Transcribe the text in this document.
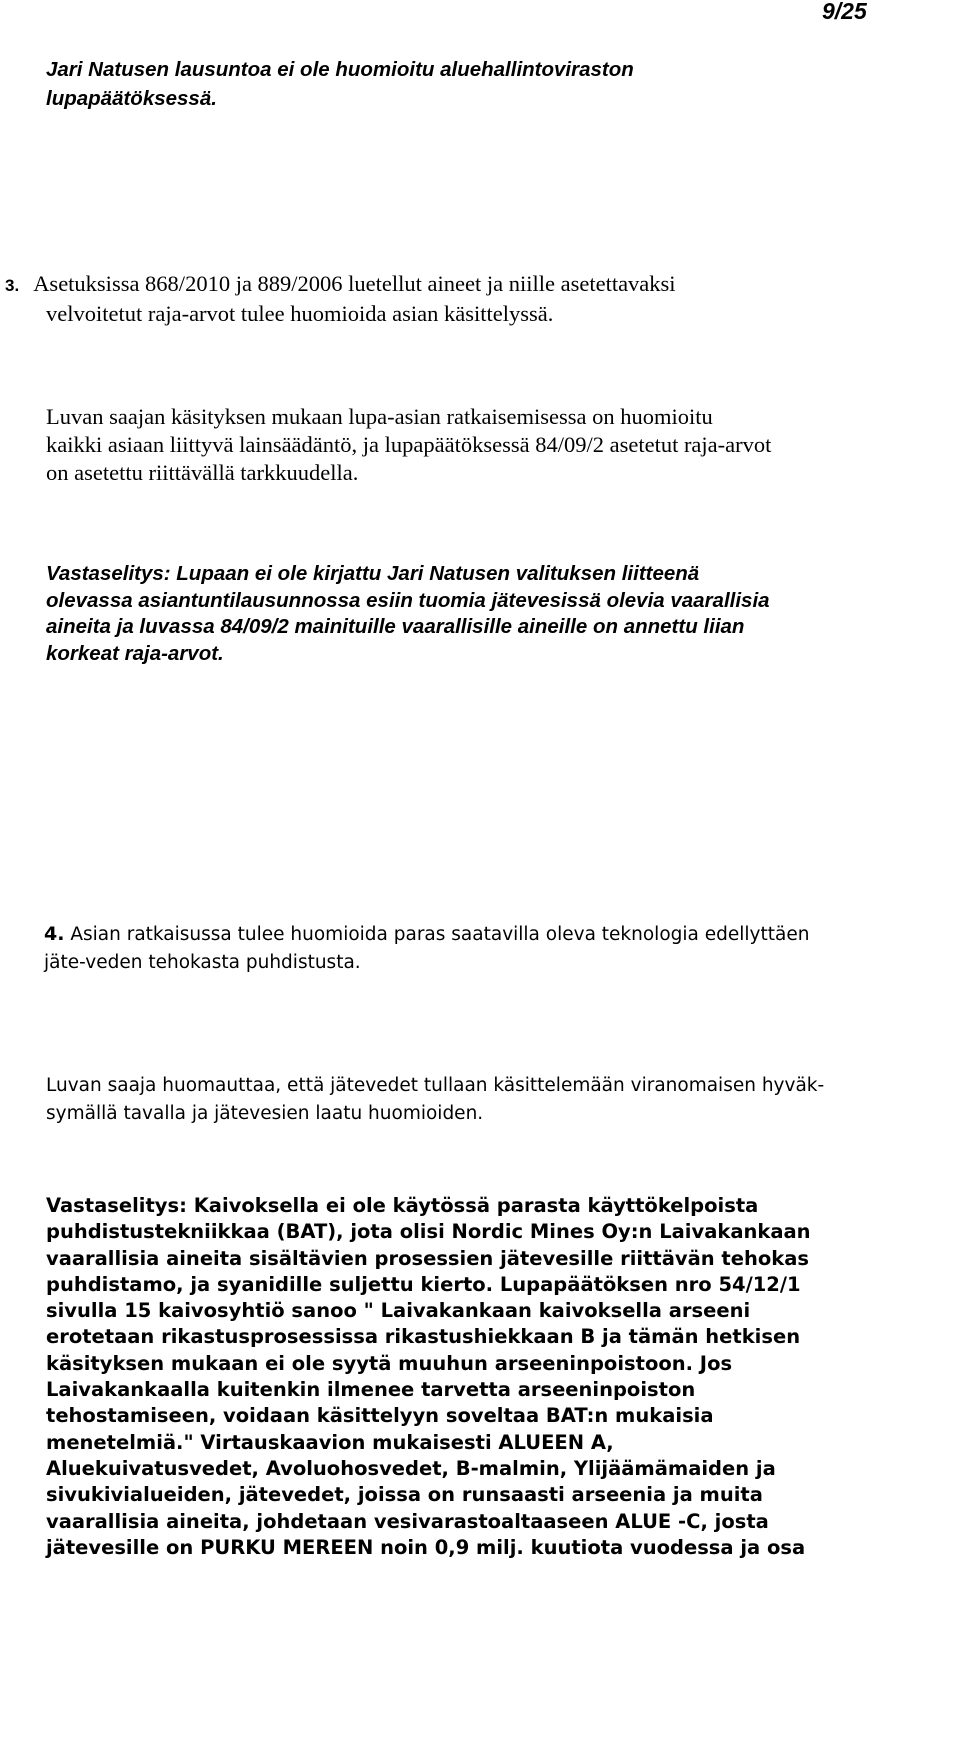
9/25
Jari Natusen lausuntoa ei ole huomioitu aluehallintoviraston
lupapäätöksessä.
3. Asetuksissa 868/2010 ja 889/2006 luetellut aineet ja niille asetettavaksi
velvoitetut raja-arvot tulee huomioida asian käsittelyssä.
Luvan saajan käsityksen mukaan lupa-asian ratkaisemisessa on huomioitu
kaikki asiaan liittyvä lainsäädäntö, ja lupapäätöksessä 84/09/2 asetetut raja-arvot
on asetettu riittävällä tarkkuudella.
Vastaselitys: Lupaan ei ole kirjattu Jari Natusen valituksen liitteenä
olevassa asiantuntilausunnossa esiin tuomia jätevesissä olevia vaarallisia
aineita ja luvassa 84/09/2 mainituille vaarallisille aineille on annettu liian
korkeat raja-arvot.
4. Asian ratkaisussa tulee huomioida paras saatavilla oleva teknologia edellyttäen
jäte-veden tehokasta puhdistusta.
Luvan saaja huomauttaa, että jätevedet tullaan käsittelemään viranomaisen hyväk-
symällä tavalla ja jätevesien laatu huomioiden.
Vastaselitys: Kaivoksella ei ole käytössä parasta käyttökelpoista
puhdistustekniikkaa (BAT), jota olisi Nordic Mines Oy:n Laivakankaan
vaarallisia aineita sisältävien prosessien jätevesille riittävän tehokas
puhdistamo, ja syanidille suljettu kierto. Lupapäätöksen nro 54/12/1
sivulla 15 kaivosyhtiö sanoo " Laivakankaan kaivoksella arseeni
erotetaan rikastusprosessissa rikastushiekkaan B ja tämän hetkisen
käsityksen mukaan ei ole syytä muuhun arseeninpoistoon. Jos
Laivakankaalla kuitenkin ilmenee tarvetta arseeninpoiston
tehostamiseen, voidaan käsittelyyn soveltaa BAT:n mukaisia
menetelmiä." Virtauskaavion mukaisesti ALUEEN A,
Aluekuivatusvedet, Avoluohosvedet, B-malmin, Ylijäämämaiden ja
sivukivialueiden, jätevedet, joissa on runsaasti arseenia ja muita
vaarallisia aineita, johdetaan vesivarastoaltaaseen ALUE -C, josta
jätevesille on PURKU MEREEN noin 0,9 milj. kuutiota vuodessa ja osa
